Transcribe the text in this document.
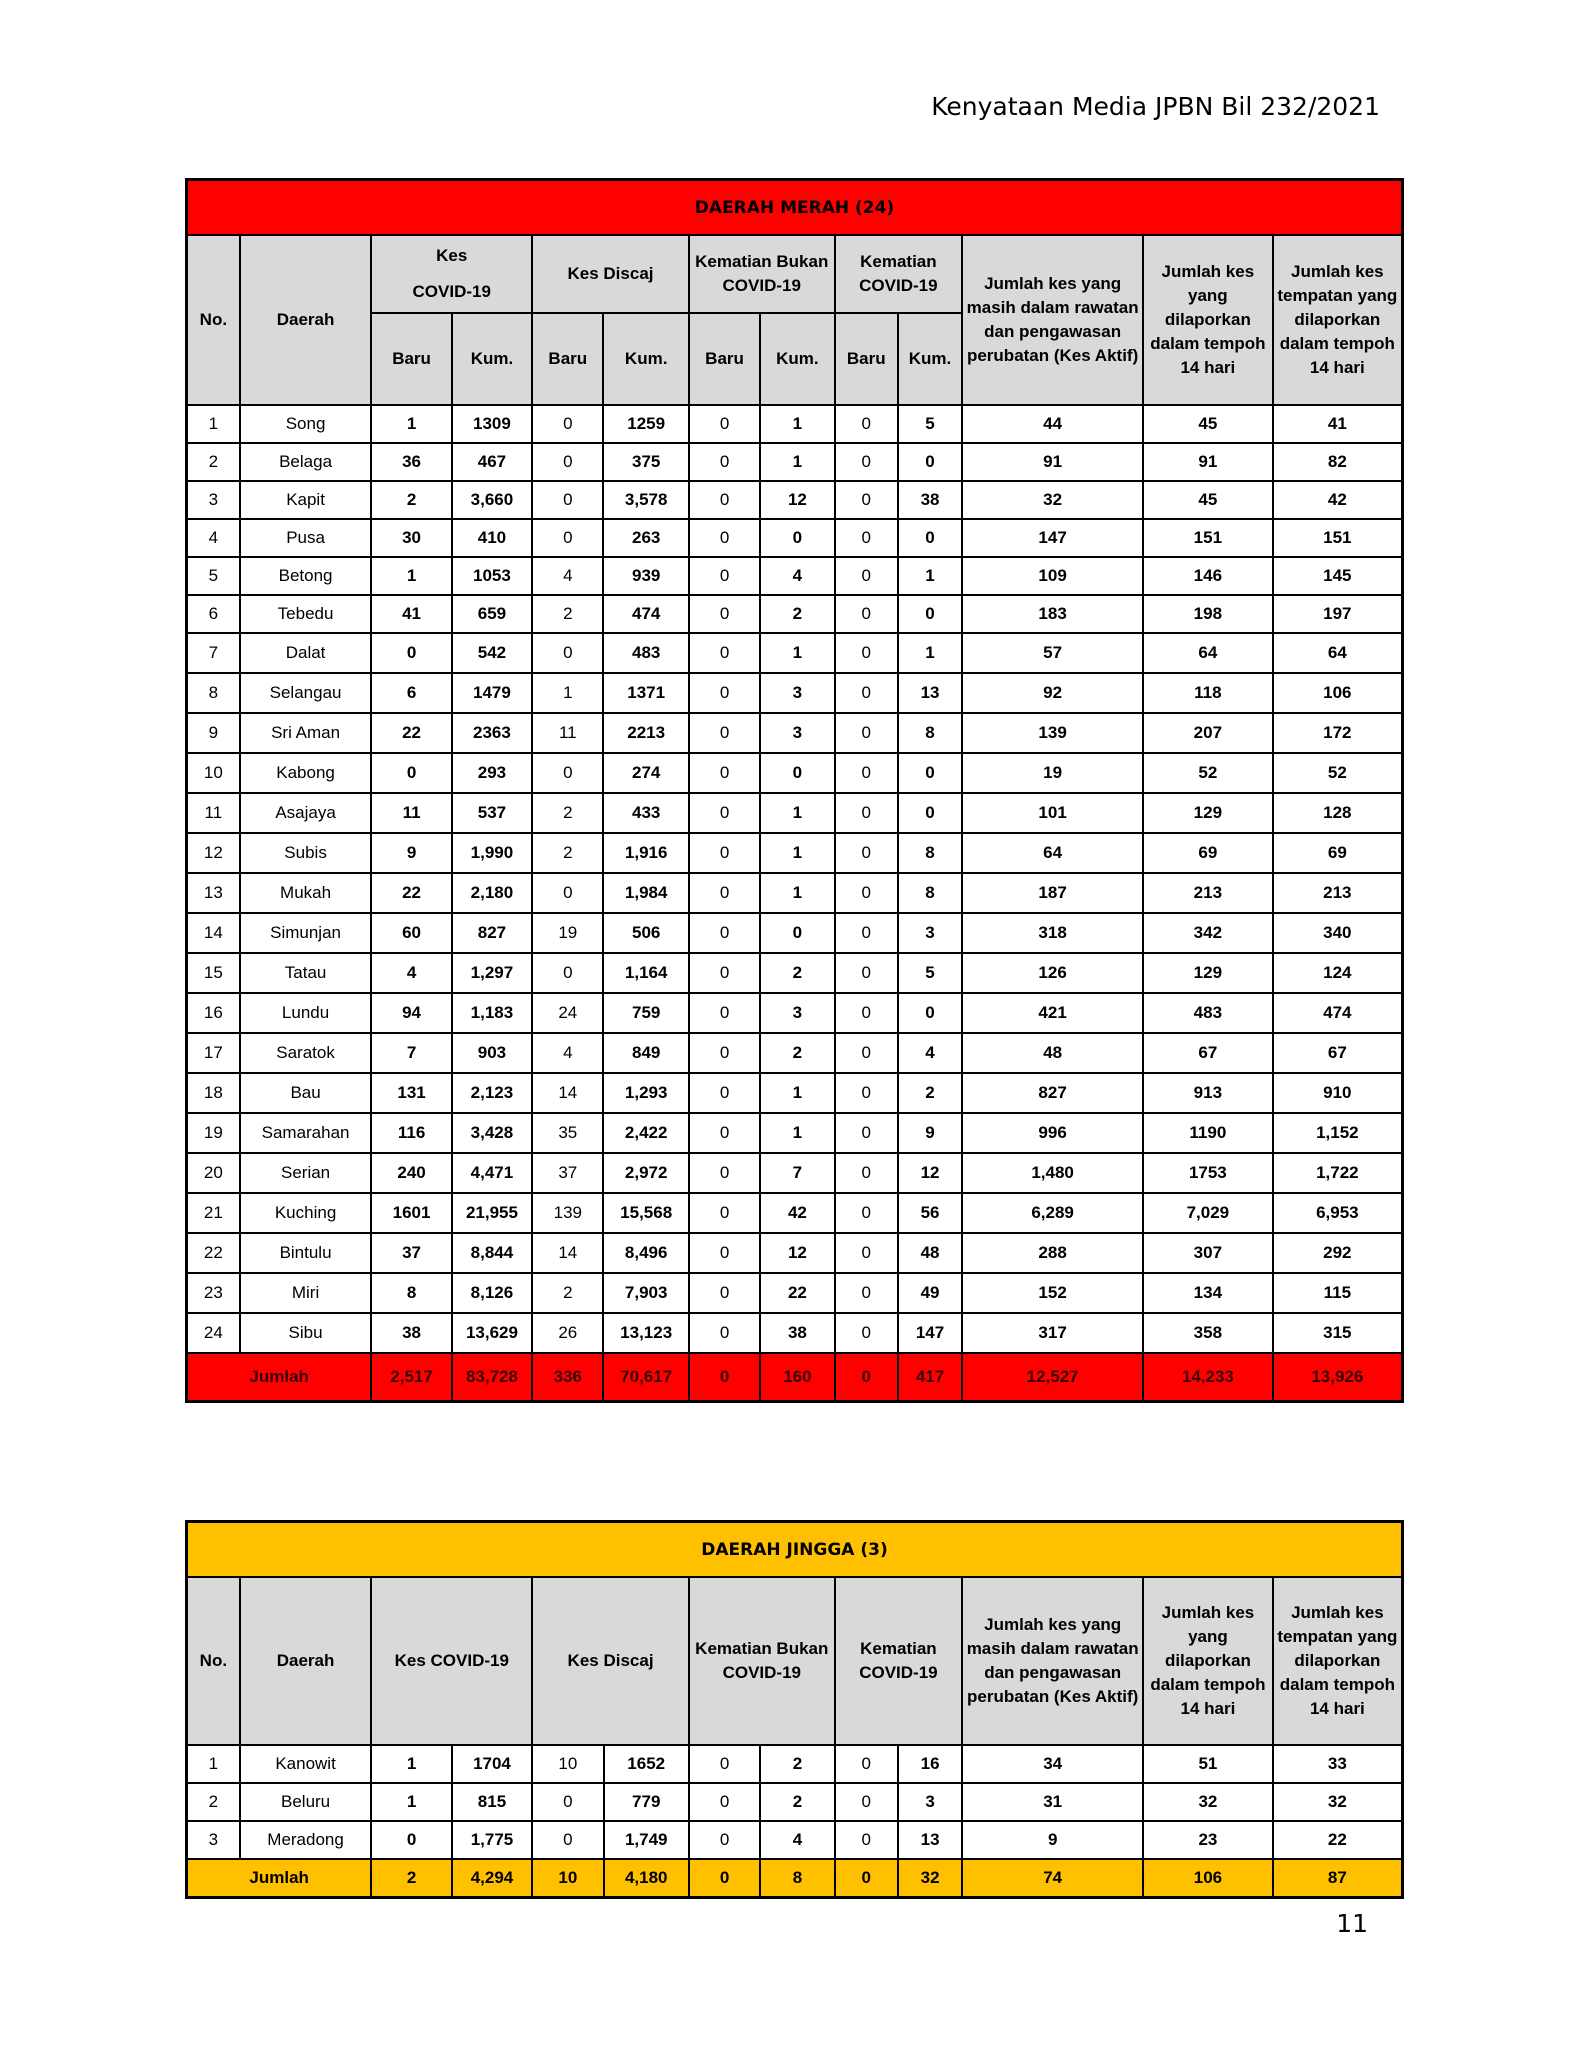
Kenyataan Media JPBN Bil 232/2021
DAERAH MERAH (24)												
No.	Daerah	Kes
COVID-19		Kes Discaj		Kematian Bukan COVID-19		Kematian COVID-19		Jumlah kes yang masih dalam rawatan dan pengawasan perubatan (Kes Aktif)	Jumlah kes yang dilaporkan dalam tempoh 14 hari	Jumlah kes tempatan yang dilaporkan dalam tempoh 14 hari
		Baru	Kum.	Baru	Kum.	Baru	Kum.	Baru	Kum.			
1	Song	1	1309	0	1259	0	1	0	5	44	45	41
2	Belaga	36	467	0	375	0	1	0	0	91	91	82
3	Kapit	2	3,660	0	3,578	0	12	0	38	32	45	42
4	Pusa	30	410	0	263	0	0	0	0	147	151	151
5	Betong	1	1053	4	939	0	4	0	1	109	146	145
6	Tebedu	41	659	2	474	0	2	0	0	183	198	197
7	Dalat	0	542	0	483	0	1	0	1	57	64	64
8	Selangau	6	1479	1	1371	0	3	0	13	92	118	106
9	Sri Aman	22	2363	11	2213	0	3	0	8	139	207	172
10	Kabong	0	293	0	274	0	0	0	0	19	52	52
11	Asajaya	11	537	2	433	0	1	0	0	101	129	128
12	Subis	9	1,990	2	1,916	0	1	0	8	64	69	69
13	Mukah	22	2,180	0	1,984	0	1	0	8	187	213	213
14	Simunjan	60	827	19	506	0	0	0	3	318	342	340
15	Tatau	4	1,297	0	1,164	0	2	0	5	126	129	124
16	Lundu	94	1,183	24	759	0	3	0	0	421	483	474
17	Saratok	7	903	4	849	0	2	0	4	48	67	67
18	Bau	131	2,123	14	1,293	0	1	0	2	827	913	910
19	Samarahan	116	3,428	35	2,422	0	1	0	9	996	1190	1,152
20	Serian	240	4,471	37	2,972	0	7	0	12	1,480	1753	1,722
21	Kuching	1601	21,955	139	15,568	0	42	0	56	6,289	7,029	6,953
22	Bintulu	37	8,844	14	8,496	0	12	0	48	288	307	292
23	Miri	8	8,126	2	7,903	0	22	0	49	152	134	115
24	Sibu	38	13,629	26	13,123	0	38	0	147	317	358	315
Jumlah		2,517	83,728	336	70,617	0	160	0	417	12,527	14,233	13,926
DAERAH JINGGA (3)												
No.	Daerah	Kes COVID-19		Kes Discaj		Kematian Bukan COVID-19		Kematian COVID-19		Jumlah kes yang masih dalam rawatan dan pengawasan perubatan (Kes Aktif)	Jumlah kes yang dilaporkan dalam tempoh 14 hari	Jumlah kes tempatan yang dilaporkan dalam tempoh 14 hari
1	Kanowit	1	1704	10	1652	0	2	0	16	34	51	33
2	Beluru	1	815	0	779	0	2	0	3	31	32	32
3	Meradong	0	1,775	0	1,749	0	4	0	13	9	23	22
Jumlah		2	4,294	10	4,180	0	8	0	32	74	106	87
11
